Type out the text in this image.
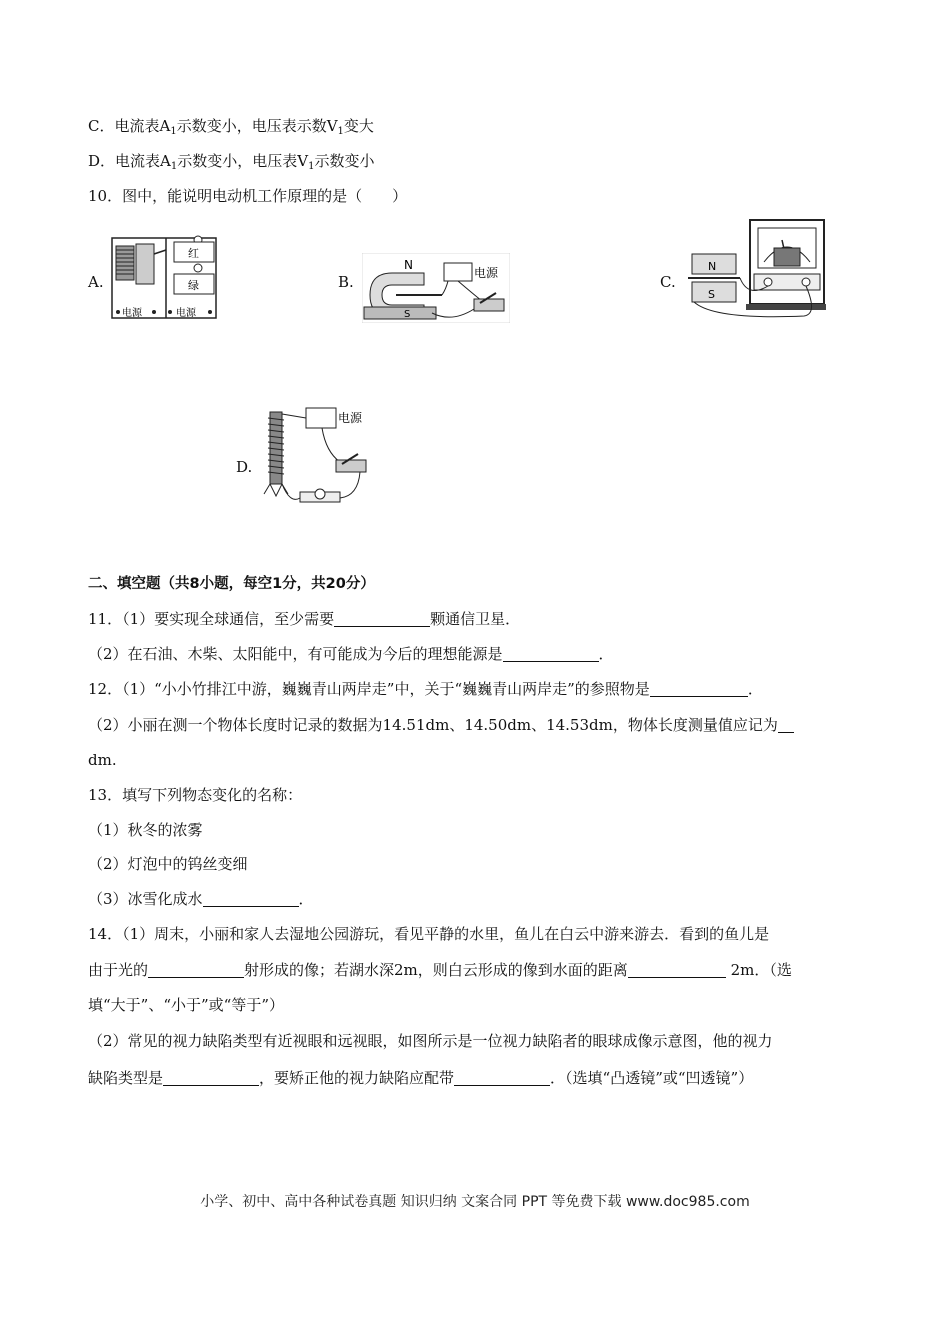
C．电流表$A_1$示数变小，电压表示数$V_1$变大
D．电流表$A_1$示数变小，电压表$V_1$示数变小
10．图中，能说明电动机工作原理的是（　　）
A.	B.	C.
D.
红
绿
电源	电源
N
S
电源	N
S
电源
二、填空题（共8小题，每空1分，共20分）
11．（1）要实现全球通信，至少需要	颗通信卫星．
（2）在石油、木柴、太阳能中，有可能成为今后的理想能源是	．
12．（1）“小小竹排江中游，巍巍青山两岸走”中，关于“巍巍青山两岸走”的参照物是	．
（2）小丽在测一个物体长度时记录的数据为14.51dm、14.50dm、14.53dm，物体长度测量值应记为
dm.
13．填写下列物态变化的名称：
（1）秋冬的浓雾
（2）灯泡中的钨丝变细
（3）冰雪化成水	．
14．（1）周末，小丽和家人去湿地公园游玩，看见平静的水里，鱼儿在白云中游来游去．看到的鱼儿是
由于光的	射形成的像；若湖水深2m，则白云形成的像到水面的距离	2m．（选
填“大于”、“小于”或“等于”）
（2）常见的视力缺陷类型有近视眼和远视眼，如图所示是一位视力缺陷者的眼球成像示意图，他的视力
缺陷类型是	，要矫正他的视力缺陷应配带	．（选填“凸透镜”或“凹透镜”）
小学、初中、高中各种试卷真题 知识归纳 文案合同 PPT 等免费下载 www.doc985.com
